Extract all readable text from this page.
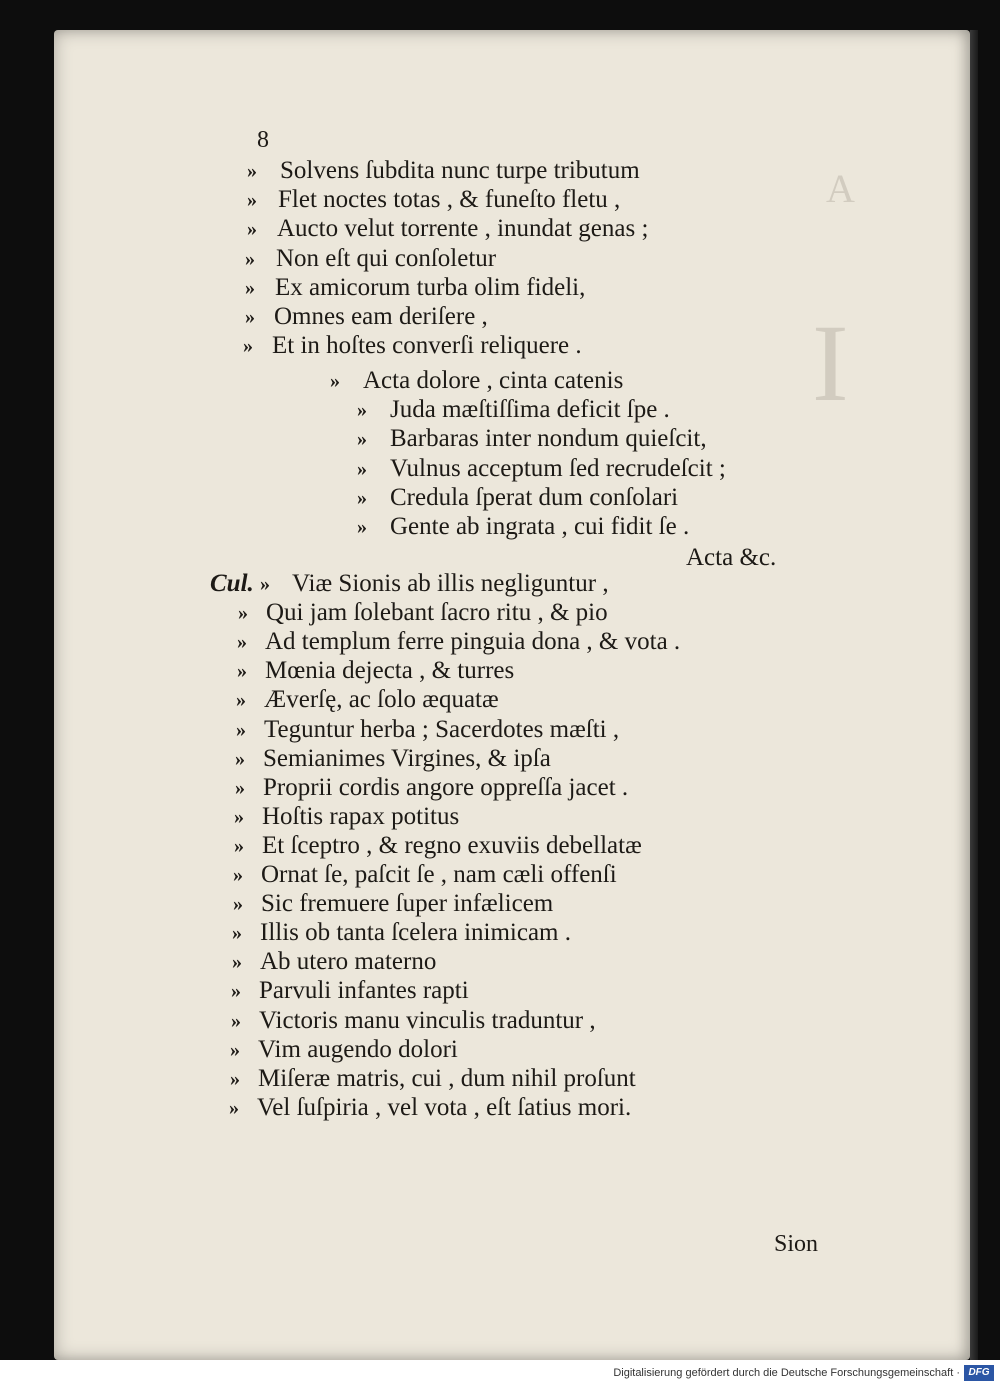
A
I
» Solvens ſubdita nunc turpe tributum
» Flet noctes totas , & funeſto fletu ,
» Aucto velut torrente , inundat genas ;
» Non eſt qui conſoletur
» Ex amicorum turba olim fideli,
» Omnes eam deriſere ,
» Et in hoſtes converſi reliquere .
» Acta dolore , cinta catenis
» Juda mæſtiſſima deficit ſpe .
» Barbaras inter nondum quieſcit,
» Vulnus acceptum ſed recrudeſcit ;
» Credula ſperat dum conſolari
» Gente ab ingrata , cui fidit ſe .
» Viæ Sionis ab illis negliguntur ,
» Qui jam ſolebant ſacro ritu , & pio
» Ad templum ferre pinguia dona , & vota .
» Mœnia dejecta , & turres
» Æverſę, ac ſolo æquatæ
» Teguntur herba ; Sacerdotes mæſti ,
» Semianimes Virgines, & ipſa
» Proprii cordis angore oppreſſa jacet .
» Hoſtis rapax potitus
» Et ſceptro , & regno exuviis debellatæ
» Ornat ſe, paſcit ſe , nam cæli offenſi
» Sic fremuere ſuper infælicem
» Illis ob tanta ſcelera inimicam .
» Ab utero materno
» Parvuli infantes rapti
» Victoris manu vinculis traduntur ,
» Vim augendo dolori
» Miſeræ matris, cui , dum nihil proſunt
» Vel ſuſpiria , vel vota , eſt ſatius mori.
8
Acta &c.
Cul.
Sion
Digitalisierung gefördert durch die Deutsche Forschungsgemeinschaft · DFG
